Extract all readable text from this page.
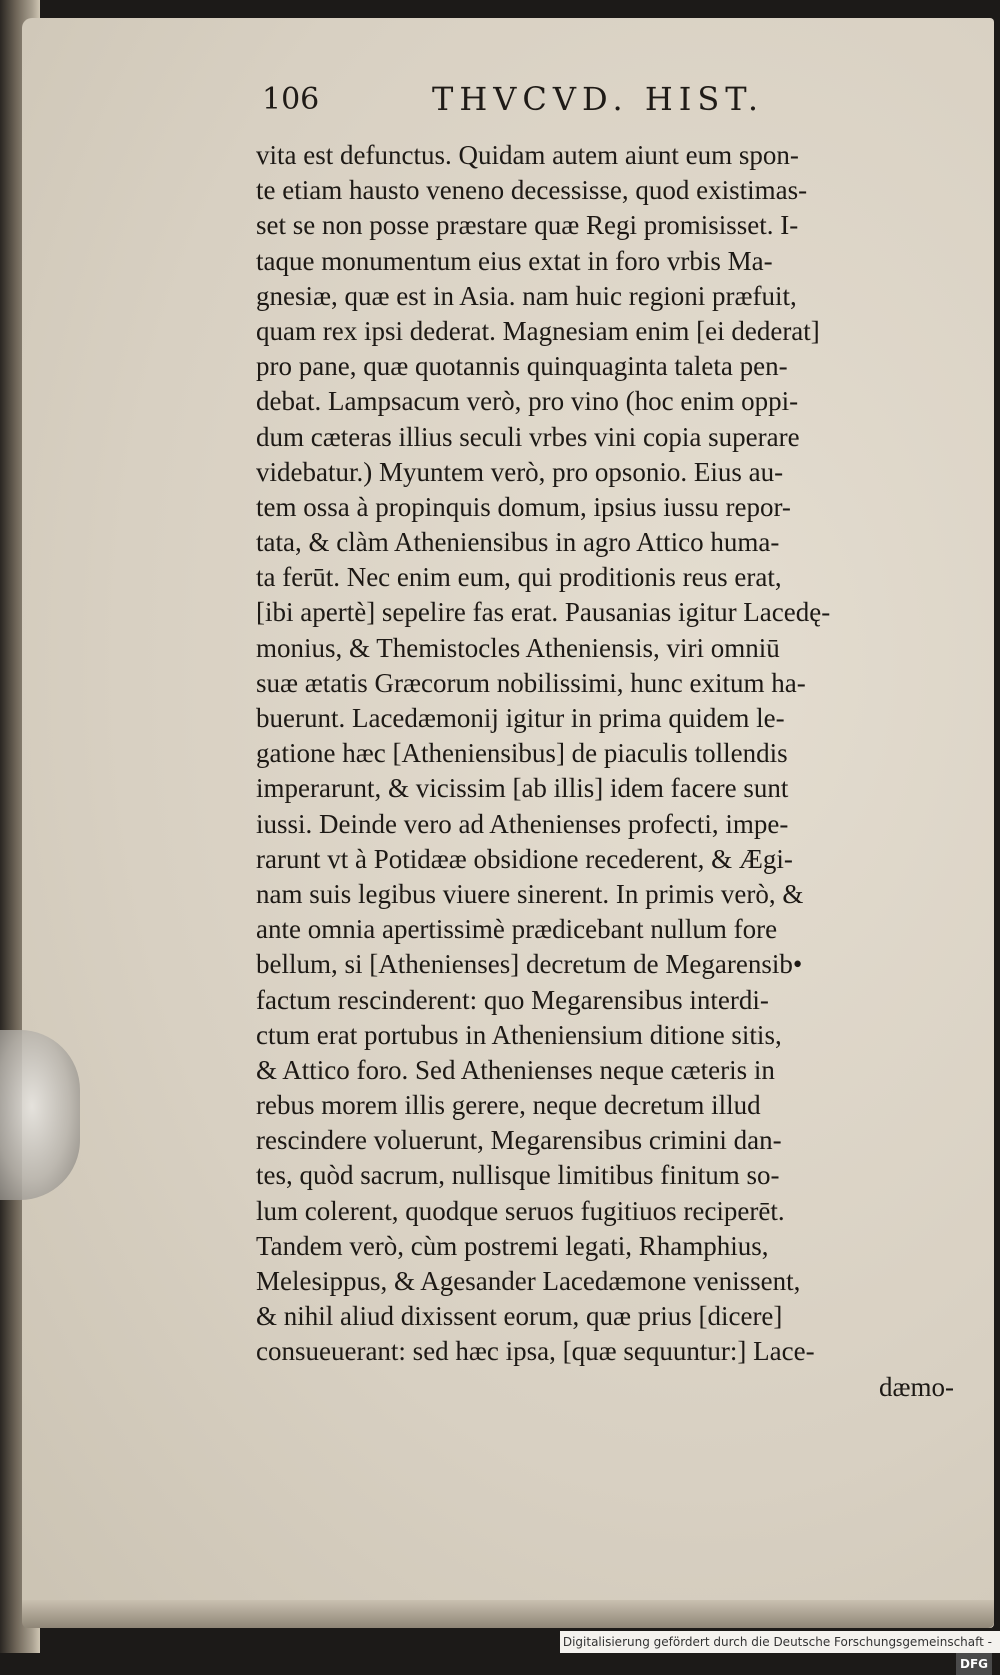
106	THVCVD. HIST.
vita est defunctus. Quidam autem aiunt eum spon-
te etiam hausto veneno decessisse, quod existimas-
set se non posse præstare quæ Regi promisisset. I-
taque monumentum eius extat in foro vrbis Ma-
gnesiæ, quæ est in Asia. nam huic regioni præfuit,
quam rex ipsi dederat. Magnesiam enim [ei dederat]
pro pane, quæ quotannis quinquaginta taleta pen-
debat. Lampsacum verò, pro vino (hoc enim oppi-
dum cæteras illius seculi vrbes vini copia superare
videbatur.) Myuntem verò, pro opsonio. Eius au-
tem ossa à propinquis domum, ipsius iussu repor-
tata, & clàm Atheniensibus in agro Attico huma-
ta ferūt. Nec enim eum, qui proditionis reus erat,
[ibi apertè] sepelire fas erat. Pausanias igitur Lacedę-
monius, & Themistocles Atheniensis, viri omniū
suæ ætatis Græcorum nobilissimi, hunc exitum ha-
buerunt. Lacedæmonij igitur in prima quidem le-
gatione hæc [Atheniensibus] de piaculis tollendis
imperarunt, & vicissim [ab illis] idem facere sunt
iussi. Deinde vero ad Athenienses profecti, impe-
rarunt vt à Potidææ obsidione recederent, & Ægi-
nam suis legibus viuere sinerent. In primis verò, &
ante omnia apertissimè prædicebant nullum fore
bellum, si [Athenienses] decretum de Megarensib•
factum rescinderent: quo Megarensibus interdi-
ctum erat portubus in Atheniensium ditione sitis,
& Attico foro. Sed Athenienses neque cæteris in
rebus morem illis gerere, neque decretum illud
rescindere voluerunt, Megarensibus crimini dan-
tes, quòd sacrum, nullisque limitibus finitum so-
lum colerent, quodque seruos fugitiuos reciperēt.
Tandem verò, cùm postremi legati, Rhamphius,
Melesippus, & Agesander Lacedæmone venissent,
& nihil aliud dixissent eorum, quæ prius [dicere]
consueuerant: sed hæc ipsa, [quæ sequuntur:] Lace-
dæmo-
Digitalisierung gefördert durch die Deutsche Forschungsgemeinschaft -DFG
